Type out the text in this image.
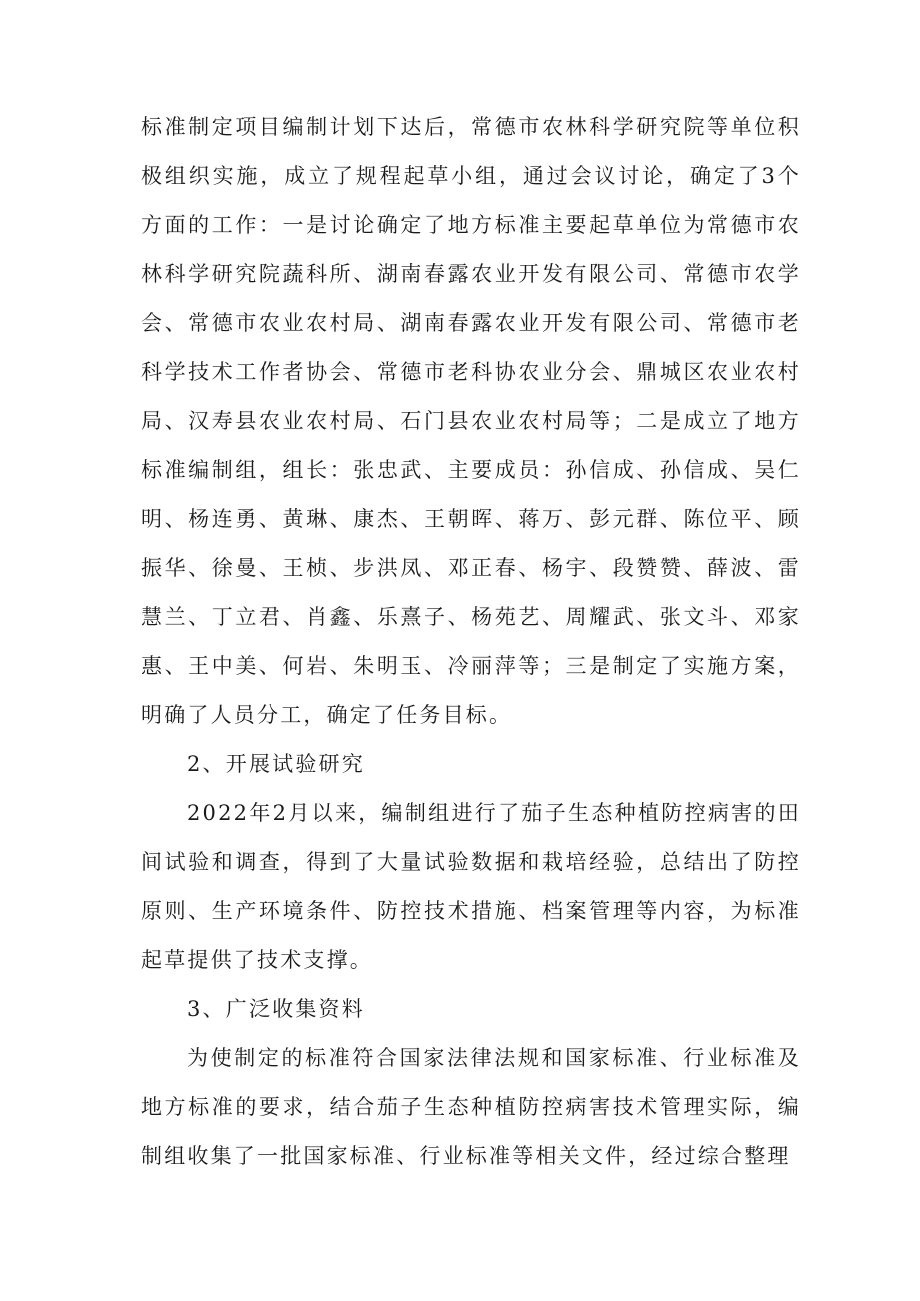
标准制定项目编制计划下达后，常德市农林科学研究院等单位积极组织实施，成立了规程起草小组，通过会议讨论，确定了3个方面的工作：一是讨论确定了地方标准主要起草单位为常德市农林科学研究院蔬科所、湖南春露农业开发有限公司、常德市农学会、常德市农业农村局、湖南春露农业开发有限公司、常德市老科学技术工作者协会、常德市老科协农业分会、鼎城区农业农村局、汉寿县农业农村局、石门县农业农村局等；二是成立了地方标准编制组，组长：张忠武、主要成员：孙信成、孙信成、吴仁明、杨连勇、黄琳、康杰、王朝晖、蒋万、彭元群、陈位平、顾振华、徐曼、王桢、步洪凤、邓正春、杨宇、段赞赞、薛波、雷慧兰、丁立君、肖鑫、乐熹子、杨苑艺、周耀武、张文斗、邓家惠、王中美、何岩、朱明玉、冷丽萍等；三是制定了实施方案，明确了人员分工，确定了任务目标。

2、开展试验研究

2022年2月以来，编制组进行了茄子生态种植防控病害的田间试验和调查，得到了大量试验数据和栽培经验，总结出了防控原则、生产环境条件、防控技术措施、档案管理等内容，为标准起草提供了技术支撑。

3、广泛收集资料

为使制定的标准符合国家法律法规和国家标准、行业标准及地方标准的要求，结合茄子生态种植防控病害技术管理实际，编制组收集了一批国家标准、行业标准等相关文件，经过综合整理
